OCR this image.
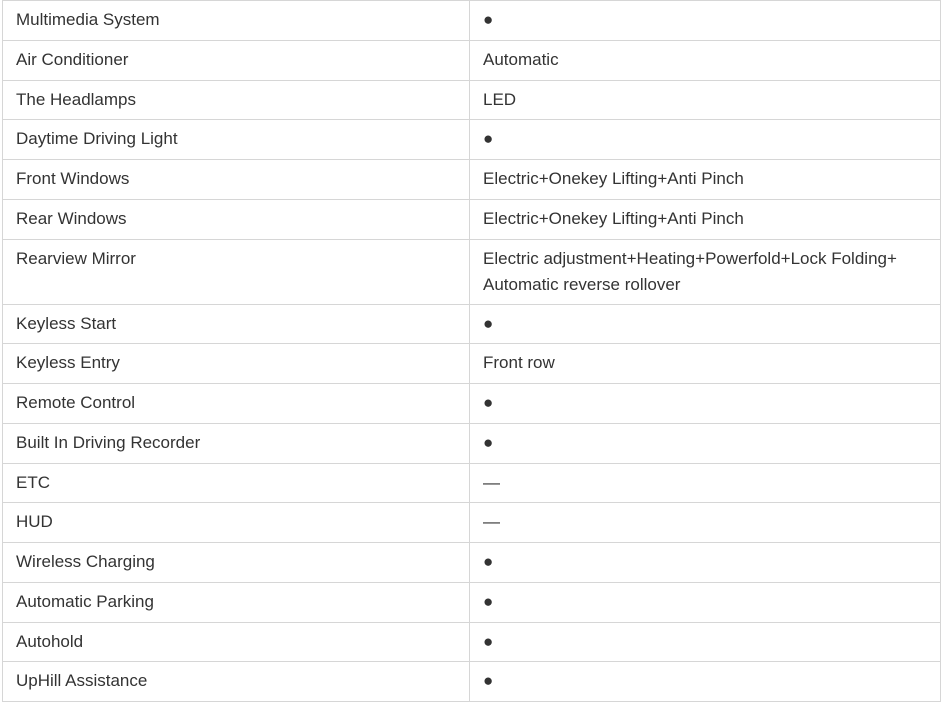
Multimedia System	●

Air Conditioner	Automatic

The Headlamps	LED

Daytime Driving Light	●

Front Windows	Electric+Onekey Lifting+Anti Pinch

Rear Windows	Electric+Onekey Lifting+Anti Pinch

Rearview Mirror	Electric adjustment+Heating+Powerfold+Lock Folding+ Automatic reverse rollover

Keyless Start	●

Keyless Entry	Front row

Remote Control	●

Built In Driving Recorder	●

ETC	—

HUD	—

Wireless Charging	●

Automatic Parking	●

Autohold	●

UpHill Assistance	●
